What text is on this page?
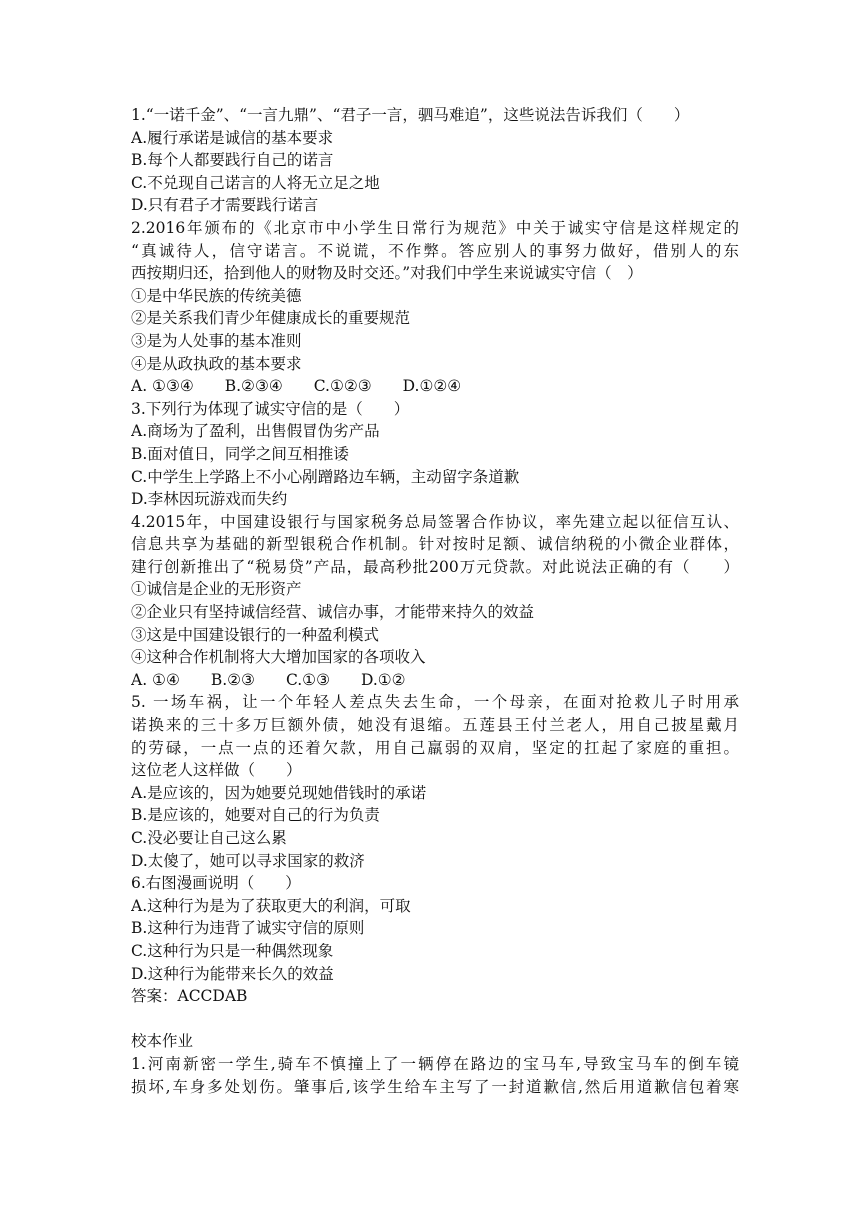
1.“一诺千金”、“一言九鼎”、“君子一言，驷马难追”，这些说法告诉我们（　　）
A.履行承诺是诚信的基本要求
B.每个人都要践行自己的诺言
C.不兑现自己诺言的人将无立足之地
D.只有君子才需要践行诺言
2.2016年颁布的《北京市中小学生日常行为规范》中关于诚实守信是这样规定的
“真诚待人，信守诺言。不说谎，不作弊。答应别人的事努力做好，借别人的东
西按期归还，拾到他人的财物及时交还。”对我们中学生来说诚实守信（　）
①是中华民族的传统美德
②是关系我们青少年健康成长的重要规范
③是为人处事的基本准则
④是从政执政的基本要求
A. ①③④　　B.②③④　　C.①②③　　D.①②④
3.下列行为体现了诚实守信的是（　　）
A.商场为了盈利，出售假冒伪劣产品
B.面对值日，同学之间互相推诿
C.中学生上学路上不小心剐蹭路边车辆，主动留字条道歉
D.李林因玩游戏而失约
4.2015年，中国建设银行与国家税务总局签署合作协议，率先建立起以征信互认、
信息共享为基础的新型银税合作机制。针对按时足额、诚信纳税的小微企业群体，
建行创新推出了“税易贷”产品，最高秒批200万元贷款。对此说法正确的有（　　）
①诚信是企业的无形资产
②企业只有坚持诚信经营、诚信办事，才能带来持久的效益
③这是中国建设银行的一种盈利模式
④这种合作机制将大大增加国家的各项收入
A. ①④　　B.②③　　C.①③　　D.①②
5. 一场车祸，让一个年轻人差点失去生命，一个母亲，在面对抢救儿子时用承
诺换来的三十多万巨额外债，她没有退缩。五莲县王付兰老人，用自己披星戴月
的劳碌，一点一点的还着欠款，用自己羸弱的双肩，坚定的扛起了家庭的重担。
这位老人这样做（　　）
A.是应该的，因为她要兑现她借钱时的承诺
B.是应该的，她要对自己的行为负责
C.没必要让自己这么累
D.太傻了，她可以寻求国家的救济
6.右图漫画说明（　　）
A.这种行为是为了获取更大的利润，可取
B.这种行为违背了诚实守信的原则
C.这种行为只是一种偶然现象
D.这种行为能带来长久的效益
答案：ACCDAB
校本作业
1.河南新密一学生,骑车不慎撞上了一辆停在路边的宝马车,导致宝马车的倒车镜
损坏,车身多处划伤。肇事后,该学生给车主写了一封道歉信,然后用道歉信包着寒
